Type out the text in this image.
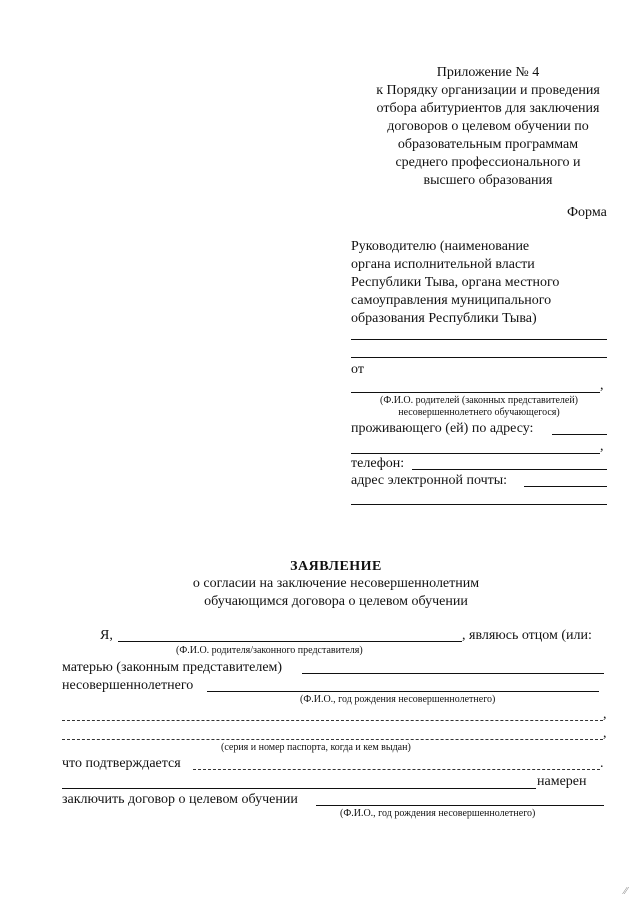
Приложение № 4
к Порядку организации и проведения
отбора абитуриентов для заключения
договоров о целевом обучении по
образовательным программам
среднего профессионального и
высшего образования
Форма
Руководителю (наименование
органа исполнительной власти
Республики Тыва, органа местного
самоуправления муниципального
образования Республики Тыва)
от
,
(Ф.И.О. родителей (законных представителей)
несовершеннолетнего обучающегося)
проживающего (ей) по адресу:
,
телефон:
адрес электронной почты:
ЗАЯВЛЕНИЕ
о согласии на заключение несовершеннолетним
обучающимся договора о целевом обучении
Я,	, являюсь отцом (или:
(Ф.И.О. родителя/законного представителя)
матерью (законным представителем)
несовершеннолетнего
(Ф.И.О., год рождения несовершеннолетнего)
,
,
(серия и номер паспорта, когда и кем выдан)
что подтверждается	.
намерен
заключить договор о целевом обучении
(Ф.И.О., год рождения несовершеннолетнего)
⁄⁄
